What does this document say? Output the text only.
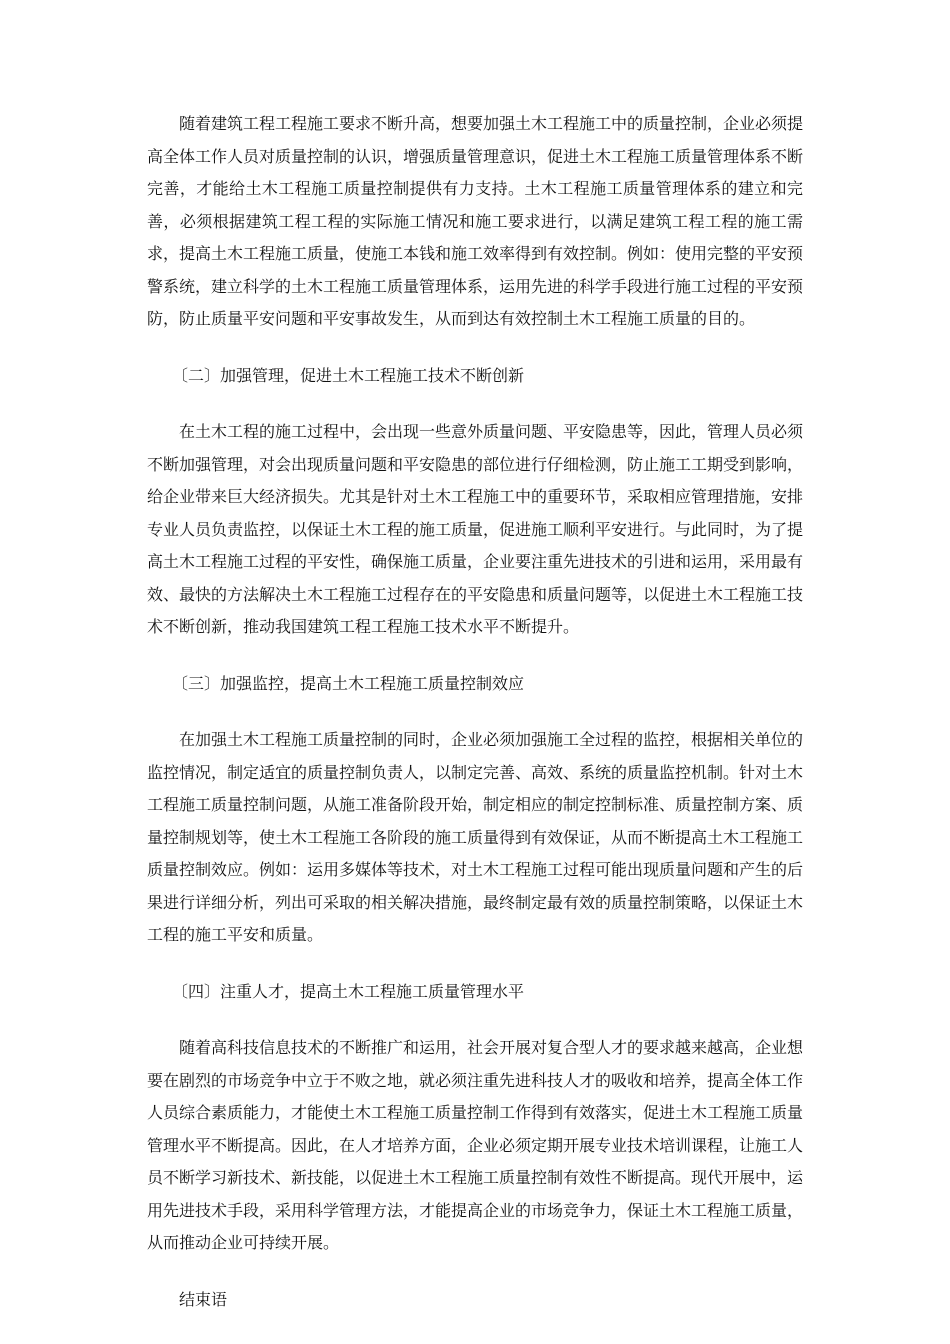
随着建筑工程工程施工要求不断升高，想要加强土木工程施工中的质量控制，企业必须提高全体工作人员对质量控制的认识，增强质量管理意识，促进土木工程施工质量管理体系不断完善，才能给土木工程施工质量控制提供有力支持。土木工程施工质量管理体系的建立和完善，必须根据建筑工程工程的实际施工情况和施工要求进行，以满足建筑工程工程的施工需求，提高土木工程施工质量，使施工本钱和施工效率得到有效控制。例如：使用完整的平安预警系统，建立科学的土木工程施工质量管理体系，运用先进的科学手段进行施工过程的平安预防，防止质量平安问题和平安事故发生，从而到达有效控制土木工程施工质量的目的。

〔二〕加强管理，促进土木工程施工技术不断创新

在土木工程的施工过程中，会出现一些意外质量问题、平安隐患等，因此，管理人员必须不断加强管理，对会出现质量问题和平安隐患的部位进行仔细检测，防止施工工期受到影响，给企业带来巨大经济损失。尤其是针对土木工程施工中的重要环节，采取相应管理措施，安排专业人员负责监控，以保证土木工程的施工质量，促进施工顺利平安进行。与此同时，为了提高土木工程施工过程的平安性，确保施工质量，企业要注重先进技术的引进和运用，采用最有效、最快的方法解决土木工程施工过程存在的平安隐患和质量问题等，以促进土木工程施工技术不断创新，推动我国建筑工程工程施工技术水平不断提升。

〔三〕加强监控，提高土木工程施工质量控制效应

在加强土木工程施工质量控制的同时，企业必须加强施工全过程的监控，根据相关单位的监控情况，制定适宜的质量控制负责人，以制定完善、高效、系统的质量监控机制。针对土木工程施工质量控制问题，从施工准备阶段开始，制定相应的制定控制标准、质量控制方案、质量控制规划等，使土木工程施工各阶段的施工质量得到有效保证，从而不断提高土木工程施工质量控制效应。例如：运用多媒体等技术，对土木工程施工过程可能出现质量问题和产生的后果进行详细分析，列出可采取的相关解决措施，最终制定最有效的质量控制策略，以保证土木工程的施工平安和质量。

〔四〕注重人才，提高土木工程施工质量管理水平

随着高科技信息技术的不断推广和运用，社会开展对复合型人才的要求越来越高，企业想要在剧烈的市场竞争中立于不败之地，就必须注重先进科技人才的吸收和培养，提高全体工作人员综合素质能力，才能使土木工程施工质量控制工作得到有效落实，促进土木工程施工质量管理水平不断提高。因此，在人才培养方面，企业必须定期开展专业技术培训课程，让施工人员不断学习新技术、新技能，以促进土木工程施工质量控制有效性不断提高。现代开展中，运用先进技术手段，采用科学管理方法，才能提高企业的市场竞争力，保证土木工程施工质量，从而推动企业可持续开展。

结束语
